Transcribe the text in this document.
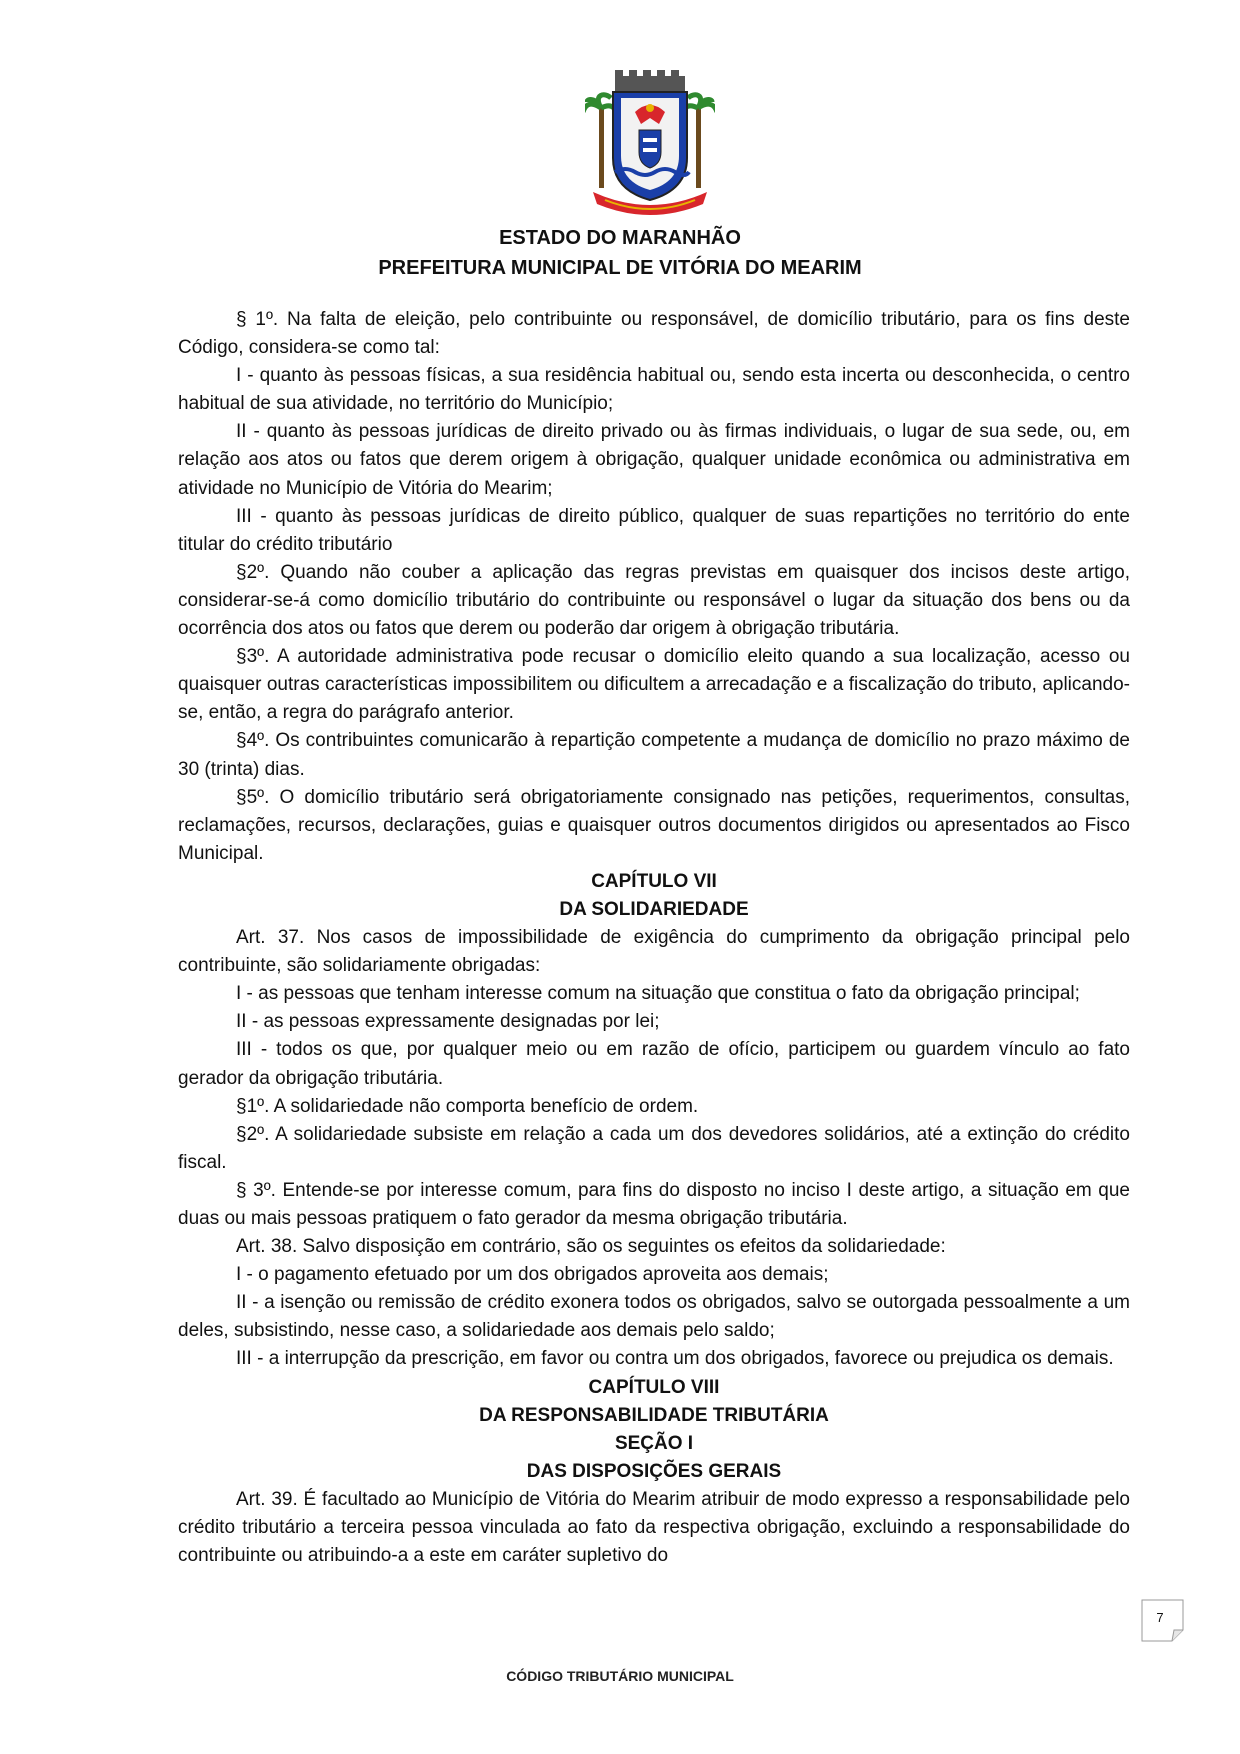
ESTADO DO MARANHÃO
PREFEITURA MUNICIPAL DE VITÓRIA DO MEARIM

§ 1º. Na falta de eleição, pelo contribuinte ou responsável, de domicílio tributário, para os fins deste Código, considera-se como tal:

I - quanto às pessoas físicas, a sua residência habitual ou, sendo esta incerta ou desconhecida, o centro habitual de sua atividade, no território do Município;

II - quanto às pessoas jurídicas de direito privado ou às firmas individuais, o lugar de sua sede, ou, em relação aos atos ou fatos que derem origem à obrigação, qualquer unidade econômica ou administrativa em atividade no Município de Vitória do Mearim;

III - quanto às pessoas jurídicas de direito público, qualquer de suas repartições no território do ente titular do crédito tributário

§2º. Quando não couber a aplicação das regras previstas em quaisquer dos incisos deste artigo, considerar-se-á como domicílio tributário do contribuinte ou responsável o lugar da situação dos bens ou da ocorrência dos atos ou fatos que derem ou poderão dar origem à obrigação tributária.

§3º. A autoridade administrativa pode recusar o domicílio eleito quando a sua localização, acesso ou quaisquer outras características impossibilitem ou dificultem a arrecadação e a fiscalização do tributo, aplicando-se, então, a regra do parágrafo anterior.

§4º. Os contribuintes comunicarão à repartição competente a mudança de domicílio no prazo máximo de 30 (trinta) dias.

§5º. O domicílio tributário será obrigatoriamente consignado nas petições, requerimentos, consultas, reclamações, recursos, declarações, guias e quaisquer outros documentos dirigidos ou apresentados ao Fisco Municipal.

CAPÍTULO VII

DA SOLIDARIEDADE

Art. 37. Nos casos de impossibilidade de exigência do cumprimento da obrigação principal pelo contribuinte, são solidariamente obrigadas:

I - as pessoas que tenham interesse comum na situação que constitua o fato da obrigação principal;

II - as pessoas expressamente designadas por lei;

III - todos os que, por qualquer meio ou em razão de ofício, participem ou guardem vínculo ao fato gerador da obrigação tributária.

§1º. A solidariedade não comporta benefício de ordem.

§2º. A solidariedade subsiste em relação a cada um dos devedores solidários, até a extinção do crédito fiscal.

§ 3º. Entende-se por interesse comum, para fins do disposto no inciso I deste artigo, a situação em que duas ou mais pessoas pratiquem o fato gerador da mesma obrigação tributária.

Art. 38. Salvo disposição em contrário, são os seguintes os efeitos da solidariedade:

I - o pagamento efetuado por um dos obrigados aproveita aos demais;

II - a isenção ou remissão de crédito exonera todos os obrigados, salvo se outorgada pessoalmente a um deles, subsistindo, nesse caso, a solidariedade aos demais pelo saldo;

III - a interrupção da prescrição, em favor ou contra um dos obrigados, favorece ou prejudica os demais.

CAPÍTULO VIII

DA RESPONSABILIDADE TRIBUTÁRIA

SEÇÃO I

DAS DISPOSIÇÕES GERAIS

Art. 39. É facultado ao Município de Vitória do Mearim atribuir de modo expresso a responsabilidade pelo crédito tributário a terceira pessoa vinculada ao fato da respectiva obrigação, excluindo a responsabilidade do contribuinte ou atribuindo-a a este em caráter supletivo do

7
CÓDIGO TRIBUTÁRIO MUNICIPAL
